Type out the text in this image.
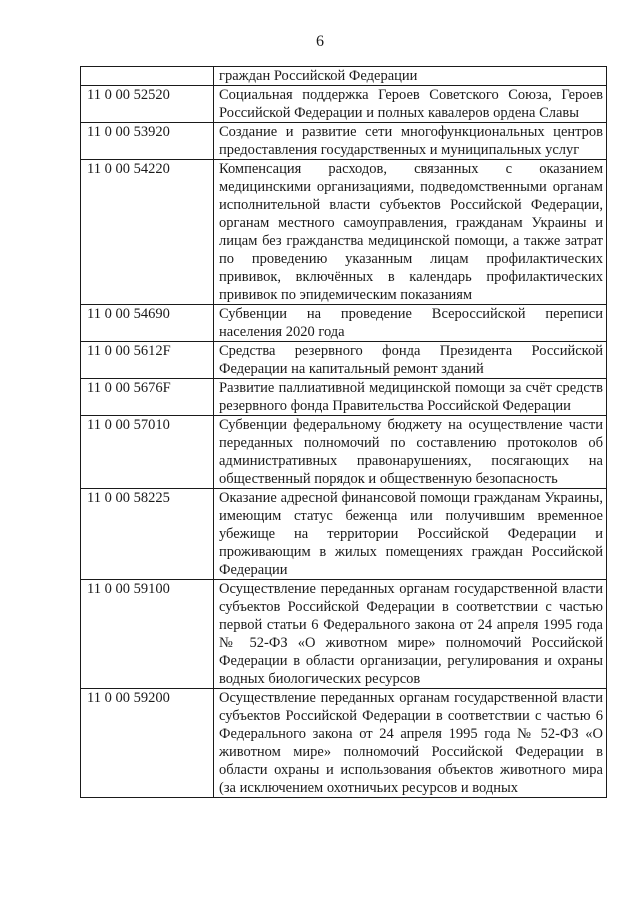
6
	граждан Российской Федерации
11 0 00 52520	Социальная поддержка Героев Советского Союза, Героев Российской Федерации и полных кавалеров ордена Славы
11 0 00 53920	Создание и развитие сети многофункциональных центров предоставления государственных и муниципальных услуг
11 0 00 54220	Компенсация расходов, связанных с оказанием медицинскими организациями, подведомственными органам исполнительной власти субъектов Российской Федерации, органам местного самоуправления, гражданам Украины и лицам без гражданства медицинской помощи, а также затрат по проведению указанным лицам профилактических прививок, включённых в календарь профилактических прививок по эпидемическим показаниям
11 0 00 54690	Субвенции на проведение Всероссийской переписи населения 2020 года
11 0 00 5612F	Средства резервного фонда Президента Российской Федерации на капитальный ремонт зданий
11 0 00 5676F	Развитие паллиативной медицинской помощи за счёт средств резервного фонда Правительства Российской Федерации
11 0 00 57010	Субвенции федеральному бюджету на осуществление части переданных полномочий по составлению протоколов об административных правонарушениях, посягающих на общественный порядок и общественную безопасность
11 0 00 58225	Оказание адресной финансовой помощи гражданам Украины, имеющим статус беженца или получившим временное убежище на территории Российской Федерации и проживающим в жилых помещениях граждан Российской Федерации
11 0 00 59100	Осуществление переданных органам государственной власти субъектов Российской Федерации в соответствии с частью первой статьи 6 Федерального закона от 24 апреля 1995 года № 52-ФЗ «О животном мире» полномочий Российской Федерации в области организации, регулирования и охраны водных биологических ресурсов
11 0 00 59200	Осуществление переданных органам государственной власти субъектов Российской Федерации в соответствии с частью 6 Федерального закона от 24 апреля 1995 года № 52-ФЗ «О животном мире» полномочий Российской Федерации в области охраны и использования объектов животного мира (за исключением охотничьих ресурсов и водных
